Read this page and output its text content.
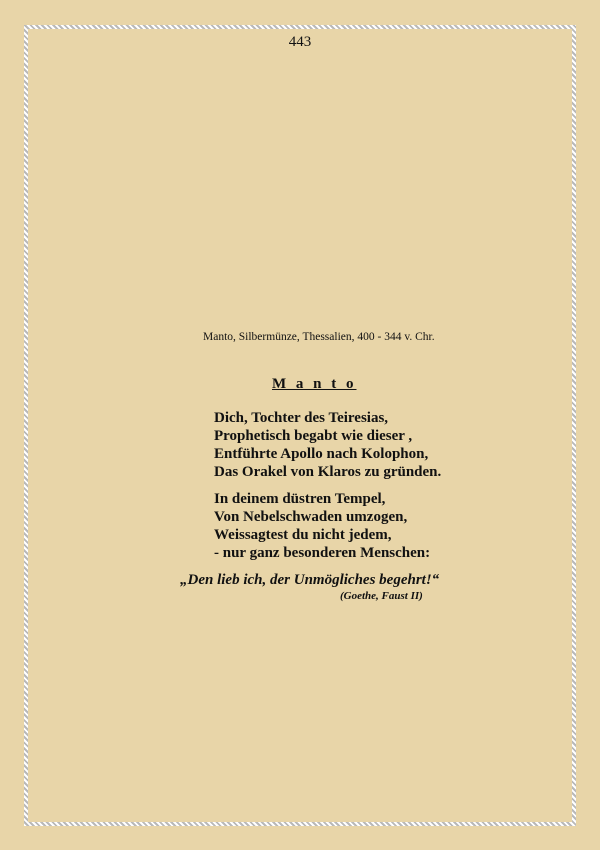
443
Manto, Silbermünze, Thessalien, 400 - 344 v. Chr.
M a n t o
Dich, Tochter des Teiresias,
Prophetisch begabt wie dieser ,
Entführte Apollo nach Kolophon,
Das Orakel von Klaros zu gründen.
In deinem düstren Tempel,
Von Nebelschwaden umzogen,
Weissagtest du nicht jedem,
- nur ganz besonderen Menschen:
„Den lieb ich, der Unmögliches begehrt!“
(Goethe, Faust II)
